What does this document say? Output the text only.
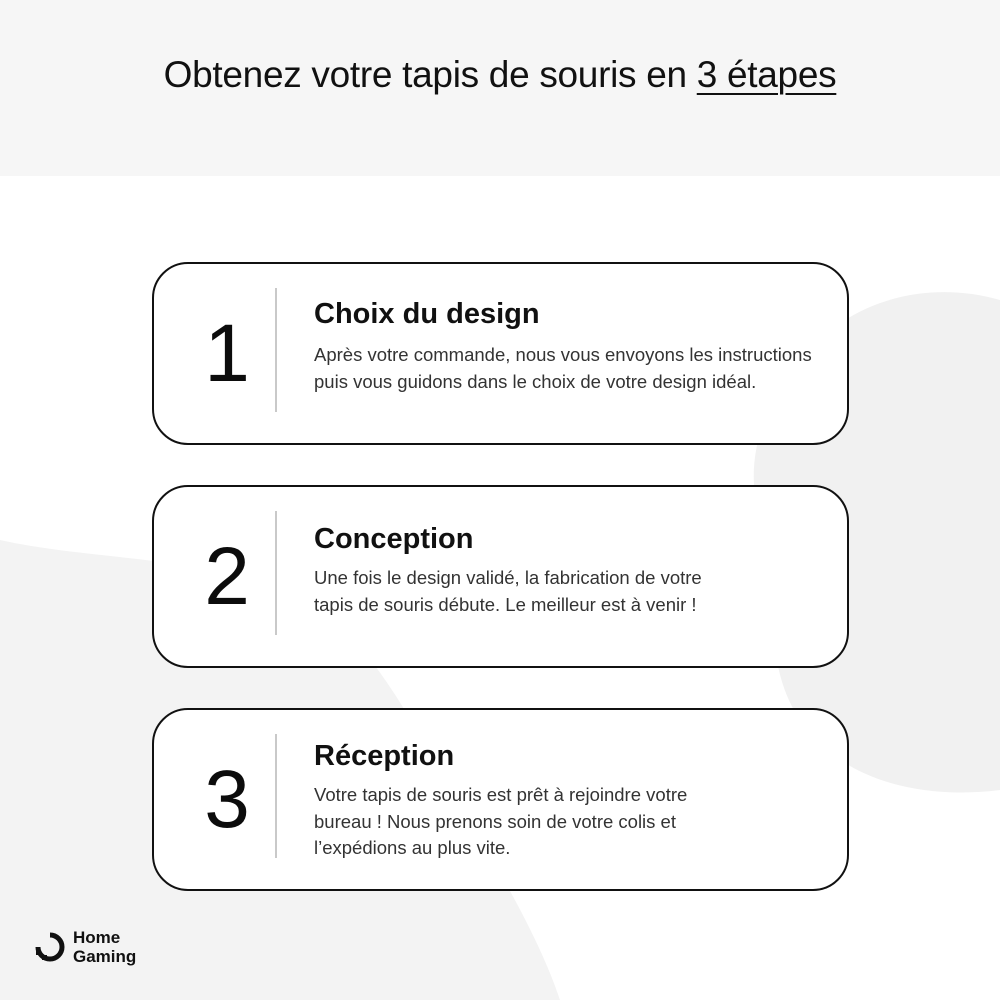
Obtenez votre tapis de souris en 3 étapes
1	Choix du design
Après votre commande, nous vous envoyons les instructions puis vous guidons dans le choix de votre design idéal.
2	Conception
Une fois le design validé, la fabrication de votre tapis de souris débute. Le meilleur est à venir !
3	Réception
Votre tapis de souris est prêt à rejoindre votre bureau ! Nous prenons soin de votre colis et l’expédions au plus vite.
Home
Gaming
